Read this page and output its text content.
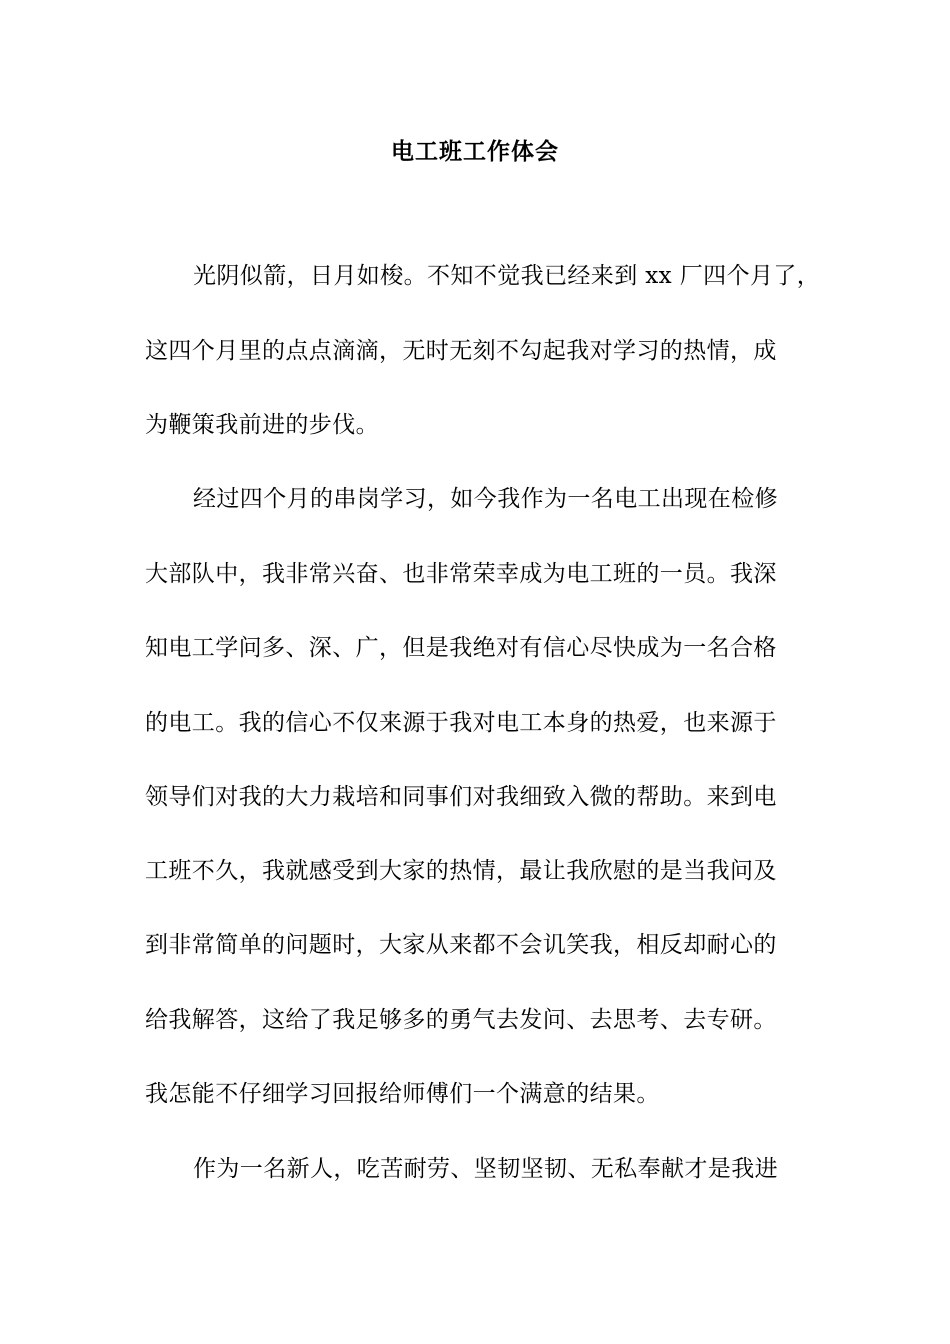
电工班工作体会
光阴似箭，日月如梭。不知不觉我已经来到 xx 厂四个月了，
这四个月里的点点滴滴，无时无刻不勾起我对学习的热情，成
为鞭策我前进的步伐。
经过四个月的串岗学习，如今我作为一名电工出现在检修
大部队中，我非常兴奋、也非常荣幸成为电工班的一员。我深
知电工学问多、深、广，但是我绝对有信心尽快成为一名合格
的电工。我的信心不仅来源于我对电工本身的热爱，也来源于
领导们对我的大力栽培和同事们对我细致入微的帮助。来到电
工班不久，我就感受到大家的热情，最让我欣慰的是当我问及
到非常简单的问题时，大家从来都不会讥笑我，相反却耐心的
给我解答，这给了我足够多的勇气去发问、去思考、去专研。
我怎能不仔细学习回报给师傅们一个满意的结果。
作为一名新人，吃苦耐劳、坚韧坚韧、无私奉献才是我进
